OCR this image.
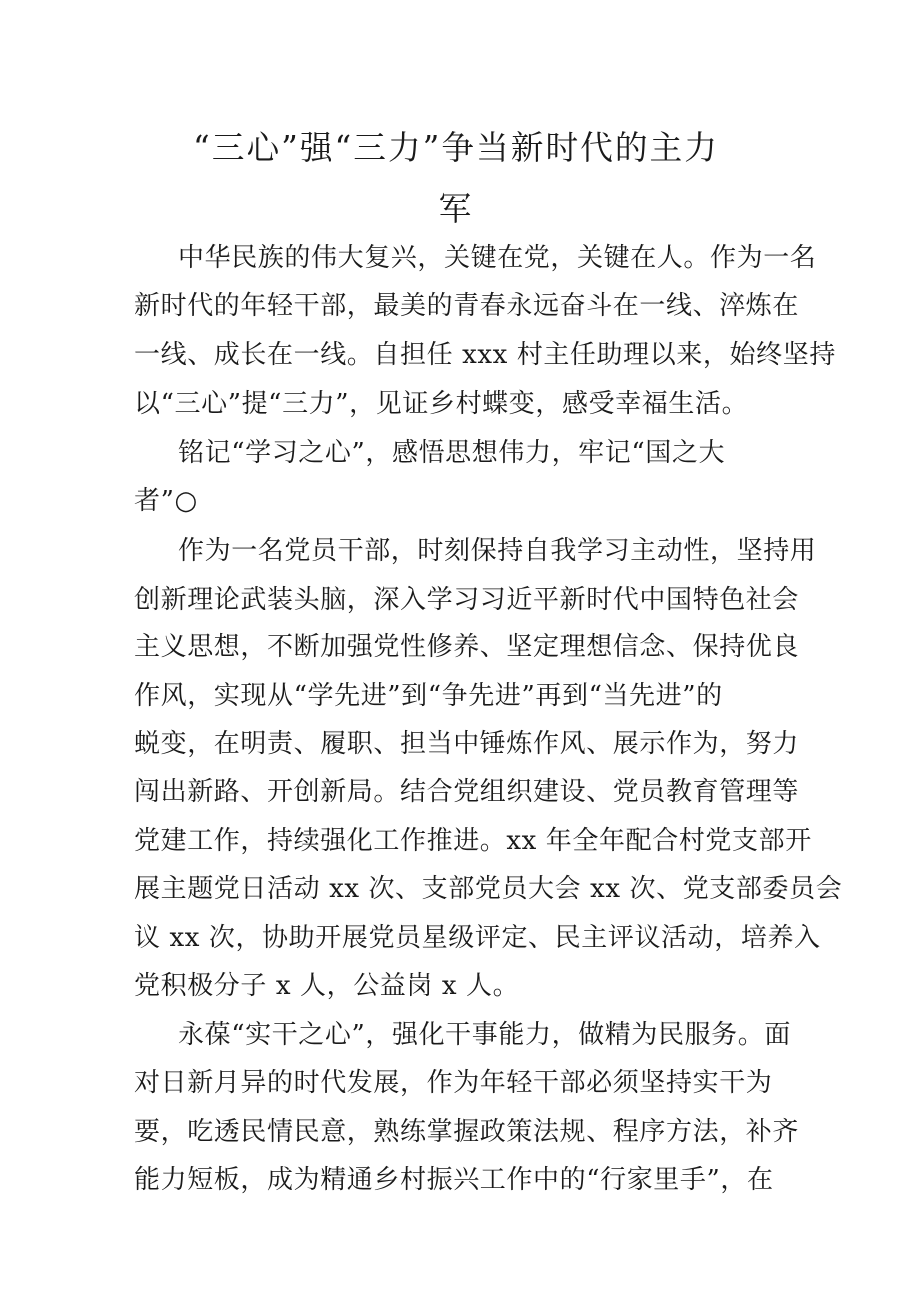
“三心”强“三力”争当新时代的主力
军
中华民族的伟大复兴，关键在党，关键在人。作为一名
新时代的年轻干部，最美的青春永远奋斗在一线、淬炼在
一线、成长在一线。自担任 xxx 村主任助理以来，始终坚持
以“三心”提“三力”，见证乡村蝶变，感受幸福生活。
铭记“学习之心”，感悟思想伟力，牢记“国之大
者”○
作为一名党员干部，时刻保持自我学习主动性，坚持用
创新理论武装头脑，深入学习习近平新时代中国特色社会
主义思想，不断加强党性修养、坚定理想信念、保持优良
作风，实现从“学先进”到“争先进”再到“当先进”的
蜕变，在明责、履职、担当中锤炼作风、展示作为，努力
闯出新路、开创新局。结合党组织建设、党员教育管理等
党建工作，持续强化工作推进。xx 年全年配合村党支部开
展主题党日活动 xx 次、支部党员大会 xx 次、党支部委员会
议 xx 次，协助开展党员星级评定、民主评议活动，培养入
党积极分子 x 人，公益岗 x 人。
永葆“实干之心”，强化干事能力，做精为民服务。面
对日新月异的时代发展，作为年轻干部必须坚持实干为
要，吃透民情民意，熟练掌握政策法规、程序方法，补齐
能力短板，成为精通乡村振兴工作中的“行家里手”，在
